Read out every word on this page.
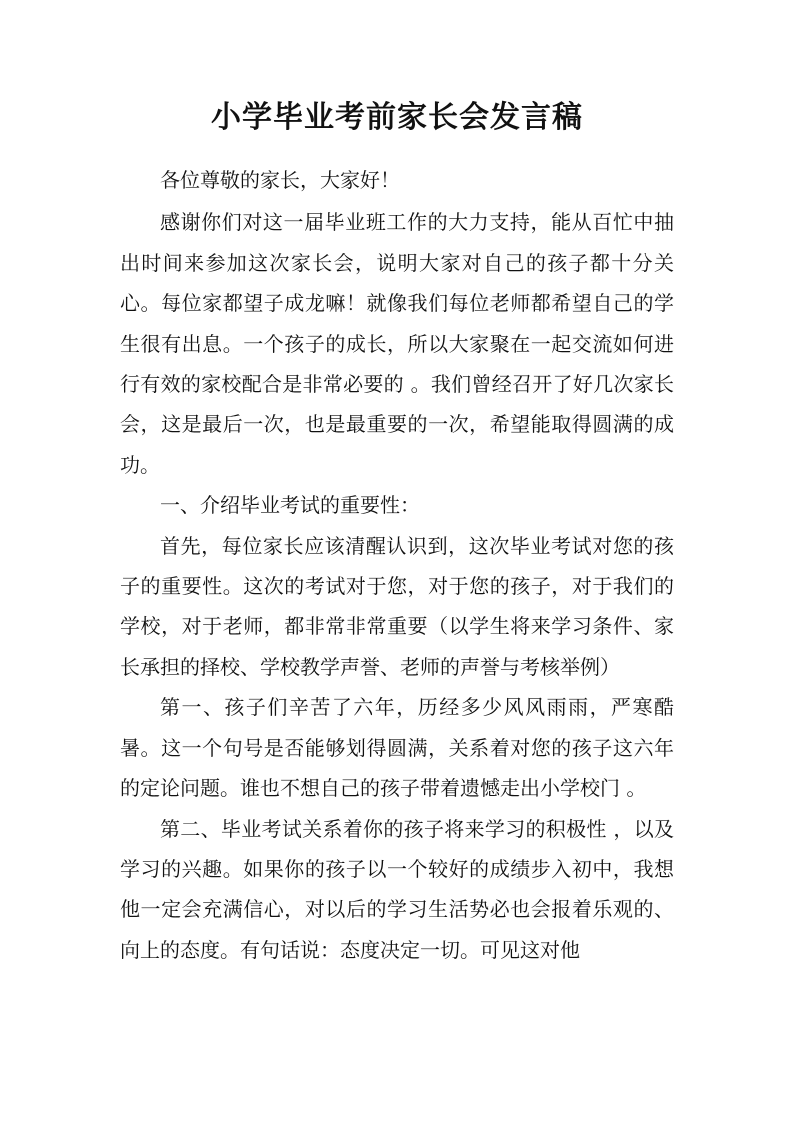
小学毕业考前家长会发言稿

各位尊敬的家长，大家好！

感谢你们对这一届毕业班工作的大力支持，能从百忙中抽出时间来参加这次家长会，说明大家对自己的孩子都十分关心。每位家都望子成龙嘛！就像我们每位老师都希望自己的学生很有出息。一个孩子的成长，所以大家聚在一起交流如何进行有效的家校配合是非常必要的 。我们曾经召开了好几次家长会，这是最后一次，也是最重要的一次，希望能取得圆满的成功。

一、介绍毕业考试的重要性：

首先，每位家长应该清醒认识到，这次毕业考试对您的孩子的重要性。这次的考试对于您，对于您的孩子，对于我们的学校，对于老师，都非常非常重要（以学生将来学习条件、家长承担的择校、学校教学声誉、老师的声誉与考核举例）

第一、孩子们辛苦了六年，历经多少风风雨雨，严寒酷暑。这一个句号是否能够划得圆满，关系着对您的孩子这六年的定论问题。谁也不想自己的孩子带着遗憾走出小学校门 。

第二、毕业考试关系着你的孩子将来学习的积极性 ，以及学习的兴趣。如果你的孩子以一个较好的成绩步入初中，我想他一定会充满信心，对以后的学习生活势必也会报着乐观的、向上的态度。有句话说：态度决定一切。可见这对他
